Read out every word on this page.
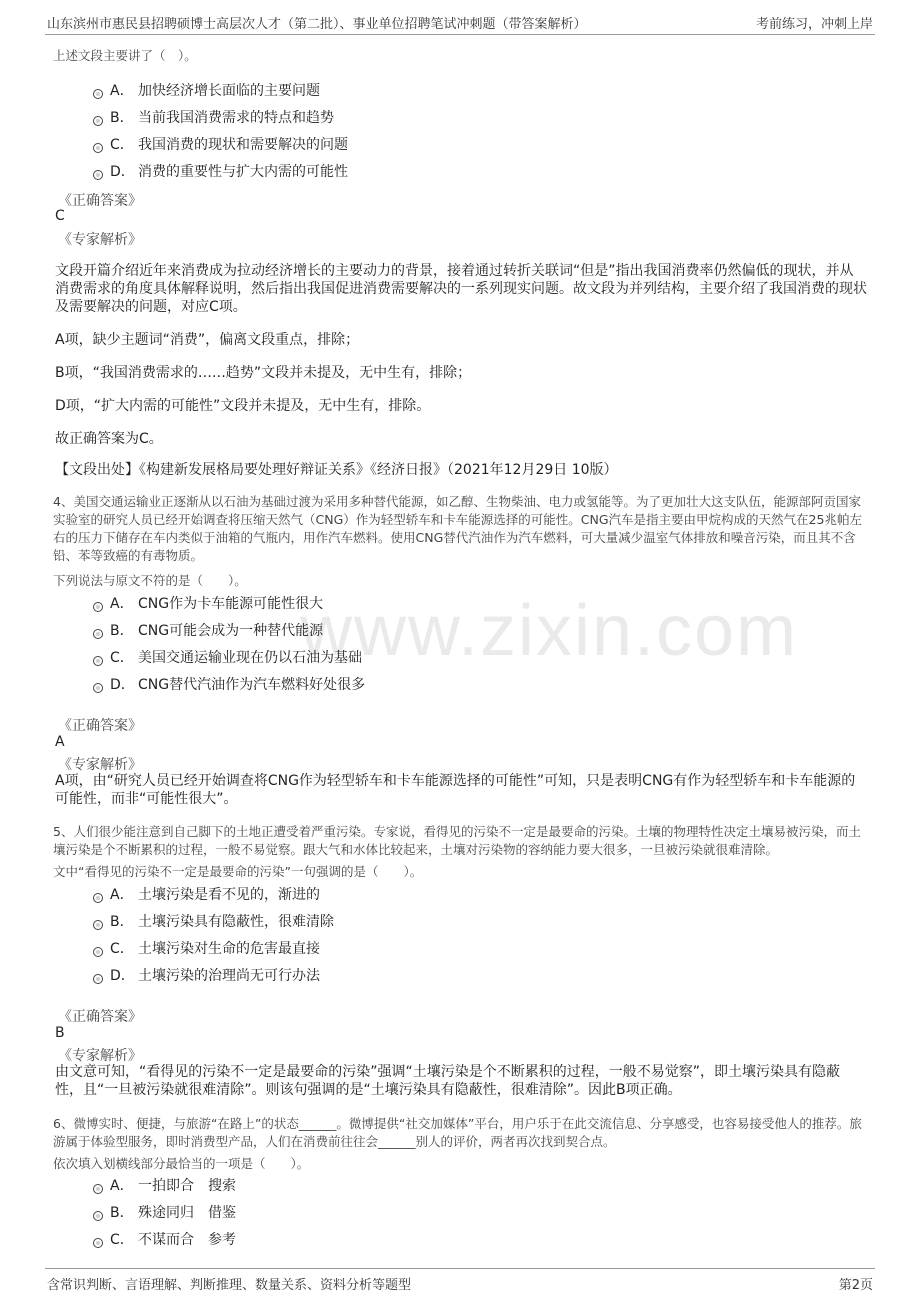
山东滨州市惠民县招聘硕博士高层次人才（第二批）、事业单位招聘笔试冲刺题（带答案解析）	考前练习，冲刺上岸
www.zixin.com
上述文段主要讲了（　）。
A． 加快经济增长面临的主要问题
B． 当前我国消费需求的特点和趋势
C． 我国消费的现状和需要解决的问题
D． 消费的重要性与扩大内需的可能性
《正确答案》
C
《专家解析》
文段开篇介绍近年来消费成为拉动经济增长的主要动力的背景，接着通过转折关联词“但是”指出我国消费率仍然偏低的现状，并从消费需求的角度具体解释说明，然后指出我国促进消费需要解决的一系列现实问题。故文段为并列结构，主要介绍了我国消费的现状及需要解决的问题，对应C项。
A项，缺少主题词“消费”，偏离文段重点，排除；
B项，“我国消费需求的……趋势”文段并未提及，无中生有，排除；
D项，“扩大内需的可能性”文段并未提及，无中生有，排除。
故正确答案为C。
【文段出处】《构建新发展格局要处理好辩证关系》《经济日报》（2021年12月29日 10版）
4、美国交通运输业正逐渐从以石油为基础过渡为采用多种替代能源，如乙醇、生物柴油、电力或氢能等。为了更加壮大这支队伍，能源部阿贡国家实验室的研究人员已经开始调查将压缩天然气（CNG）作为轻型轿车和卡车能源选择的可能性。CNG汽车是指主要由甲烷构成的天然气在25兆帕左右的压力下储存在车内类似于油箱的气瓶内，用作汽车燃料。使用CNG替代汽油作为汽车燃料，可大量减少温室气体排放和噪音污染，而且其不含铅、苯等致癌的有毒物质。
下列说法与原文不符的是（　　）。
A． CNG作为卡车能源可能性很大
B． CNG可能会成为一种替代能源
C． 美国交通运输业现在仍以石油为基础
D． CNG替代汽油作为汽车燃料好处很多
《正确答案》
A
《专家解析》
A项，由“研究人员已经开始调查将CNG作为轻型轿车和卡车能源选择的可能性”可知，只是表明CNG有作为轻型轿车和卡车能源的可能性，而非“可能性很大”。
5、人们很少能注意到自己脚下的土地正遭受着严重污染。专家说，看得见的污染不一定是最要命的污染。土壤的物理特性决定土壤易被污染，而土壤污染是个不断累积的过程，一般不易觉察。跟大气和水体比较起来，土壤对污染物的容纳能力要大很多，一旦被污染就很难清除。
文中“看得见的污染不一定是最要命的污染”一句强调的是（　　）。
A． 土壤污染是看不见的，渐进的
B． 土壤污染具有隐蔽性，很难清除
C． 土壤污染对生命的危害最直接
D． 土壤污染的治理尚无可行办法
《正确答案》
B
《专家解析》
由文意可知，“看得见的污染不一定是最要命的污染”强调“土壤污染是个不断累积的过程，一般不易觉察”，即土壤污染具有隐蔽性，且“一旦被污染就很难清除”。则该句强调的是“土壤污染具有隐蔽性，很难清除”。因此B项正确。
6、微博实时、便捷，与旅游“在路上”的状态______。微博提供“社交加媒体”平台，用户乐于在此交流信息、分享感受，也容易接受他人的推荐。旅游属于体验型服务，即时消费型产品，人们在消费前往往会______别人的评价，两者再次找到契合点。
依次填入划横线部分最恰当的一项是（　　）。
A． 一拍即合　搜索
B． 殊途同归　借鉴
C． 不谋而合　参考
含常识判断、言语理解、判断推理、数量关系、资料分析等题型	第2页
